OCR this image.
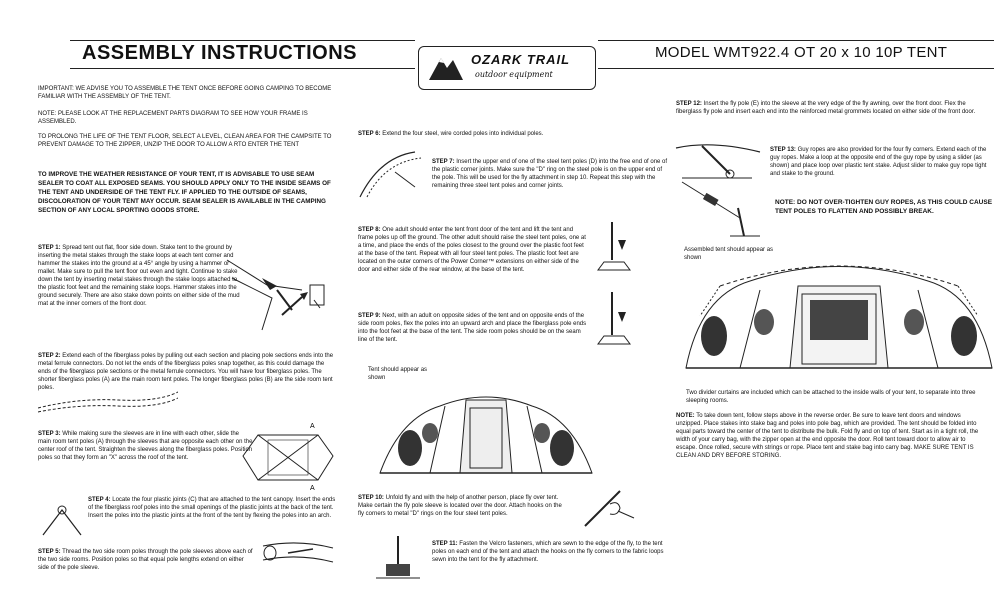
ASSEMBLY INSTRUCTIONS	MODEL WMT922.4 OT 20 x 10 10P TENT
OZARK TRAIL
outdoor equipment
IMPORTANT: WE ADVISE YOU TO ASSEMBLE THE TENT ONCE BEFORE GOING CAMPING TO BECOME FAMILIAR WITH THE ASSEMBLY OF THE TENT.
NOTE: PLEASE LOOK AT THE REPLACEMENT PARTS DIAGRAM TO SEE HOW YOUR FRAME IS ASSEMBLED.
TO PROLONG THE LIFE OF THE TENT FLOOR, SELECT A LEVEL, CLEAN AREA FOR THE CAMPSITE TO PREVENT DAMAGE TO THE ZIPPER, UNZIP THE DOOR TO ALLOW A RTO ENTER THE TENT
TO IMPROVE THE WEATHER RESISTANCE OF YOUR TENT, IT IS ADVISABLE TO USE SEAM SEALER TO COAT ALL EXPOSED SEAMS. YOU SHOULD APPLY ONLY TO THE INSIDE SEAMS OF THE TENT AND UNDERSIDE OF THE TENT FLY. IF APPLIED TO THE OUTSIDE OF SEAMS, DISCOLORATION OF YOUR TENT MAY OCCUR. SEAM SEALER IS AVAILABLE IN THE CAMPING SECTION OF ANY LOCAL SPORTING GOODS STORE.
STEP 1: Spread tent out flat, floor side down. Stake tent to the ground by inserting the metal stakes through the stake loops at each tent corner and hammer the stakes into the ground at a 45° angle by using a hammer or mallet. Make sure to pull the tent floor out even and tight. Continue to stake down the tent by inserting metal stakes through the stake loops attached to the plastic foot feet and the remaining stake loops. Hammer stakes into the ground securely. There are also stake down points on either side of the mud mat at the inner corners of the front door.
STEP 2: Extend each of the fiberglass poles by pulling out each section and placing pole sections ends into the metal ferrule connectors. Do not let the ends of the fiberglass poles snap together, as this could damage the ends of the fiberglass pole sections or the metal ferrule connectors. You will have four fiberglass poles. The shorter fiberglass poles (A) are the main room tent poles. The longer fiberglass poles (B) are the side room tent poles.
STEP 3: While making sure the sleeves are in line with each other, slide the main room tent poles (A) through the sleeves that are opposite each other on the center roof of the tent. Straighten the sleeves along the fiberglass poles. Position poles so that they form an "X" across the roof of the tent.
A
A
STEP 4: Locate the four plastic joints (C) that are attached to the tent canopy. Insert the ends of the fiberglass roof poles into the small openings of the plastic joints at the back of the tent. Insert the poles into the plastic joints at the front of the tent by flexing the poles into an arch.
STEP 5: Thread the two side room poles through the pole sleeves above each of the two side rooms. Position poles so that equal pole lengths extend on either side of the pole sleeve.
STEP 6: Extend the four steel, wire corded poles into individual poles.
STEP 7: Insert the upper end of one of the steel tent poles (D) into the free end of one of the plastic corner joints. Make sure the "D" ring on the steel pole is on the upper end of the pole. This will be used for the fly attachment in step 10. Repeat this step with the remaining three steel tent poles and corner joints.
STEP 8: One adult should enter the tent front door of the tent and lift the tent and frame poles up off the ground. The other adult should raise the steel tent poles, one at a time, and place the ends of the poles closest to the ground over the plastic foot feet at the base of the tent. Repeat with all four steel tent poles. The plastic foot feet are located on the outer corners of the Power Corner™ extensions on either side of the door and either side of the rear window, at the base of the tent.
STEP 9: Next, with an adult on opposite sides of the tent and on opposite ends of the side room poles, flex the poles into an upward arch and place the fiberglass pole ends into the foot feet at the base of the tent. The side room poles should be on the seam line of the tent.
Tent should appear as shown
STEP 10: Unfold fly and with the help of another person, place fly over tent. Make certain the fly pole sleeve is located over the door. Attach hooks on the fly corners to metal "D" rings on the four steel tent poles.
STEP 11: Fasten the Velcro fasteners, which are sewn to the edge of the fly, to the tent poles on each end of the tent and attach the hooks on the fly corners to the fabric loops sewn into the tent for the fly attachment.
STEP 12: Insert the fly pole (E) into the sleeve at the very edge of the fly awning, over the front door. Flex the fiberglass fly pole and insert each end into the reinforced metal grommets located on either side of the front door.
STEP 13: Guy ropes are also provided for the four fly corners. Extend each of the guy ropes. Make a loop at the opposite end of the guy rope by using a slider (as shown) and place loop over plastic tent stake. Adjust slider to make guy rope tight and stake to the ground.
NOTE: DO NOT OVER-TIGHTEN GUY ROPES, AS THIS COULD CAUSE TENT POLES TO FLATTEN AND POSSIBLY BREAK.
Assembled tent should appear as shown
Two divider curtains are included which can be attached to the inside walls of your tent, to separate into three sleeping rooms.
NOTE: To take down tent, follow steps above in the reverse order. Be sure to leave tent doors and windows unzipped. Place stakes into stake bag and poles into pole bag, which are provided. The tent should be folded into equal parts toward the center of the tent to distribute the bulk. Fold fly and on top of tent. Start as in a tight roll, the width of your carry bag, with the zipper open at the end opposite the door. Roll tent toward door to allow air to escape. Once rolled, secure with strings or rope. Place tent and stake bag into carry bag. MAKE SURE TENT IS CLEAN AND DRY BEFORE STORING.
